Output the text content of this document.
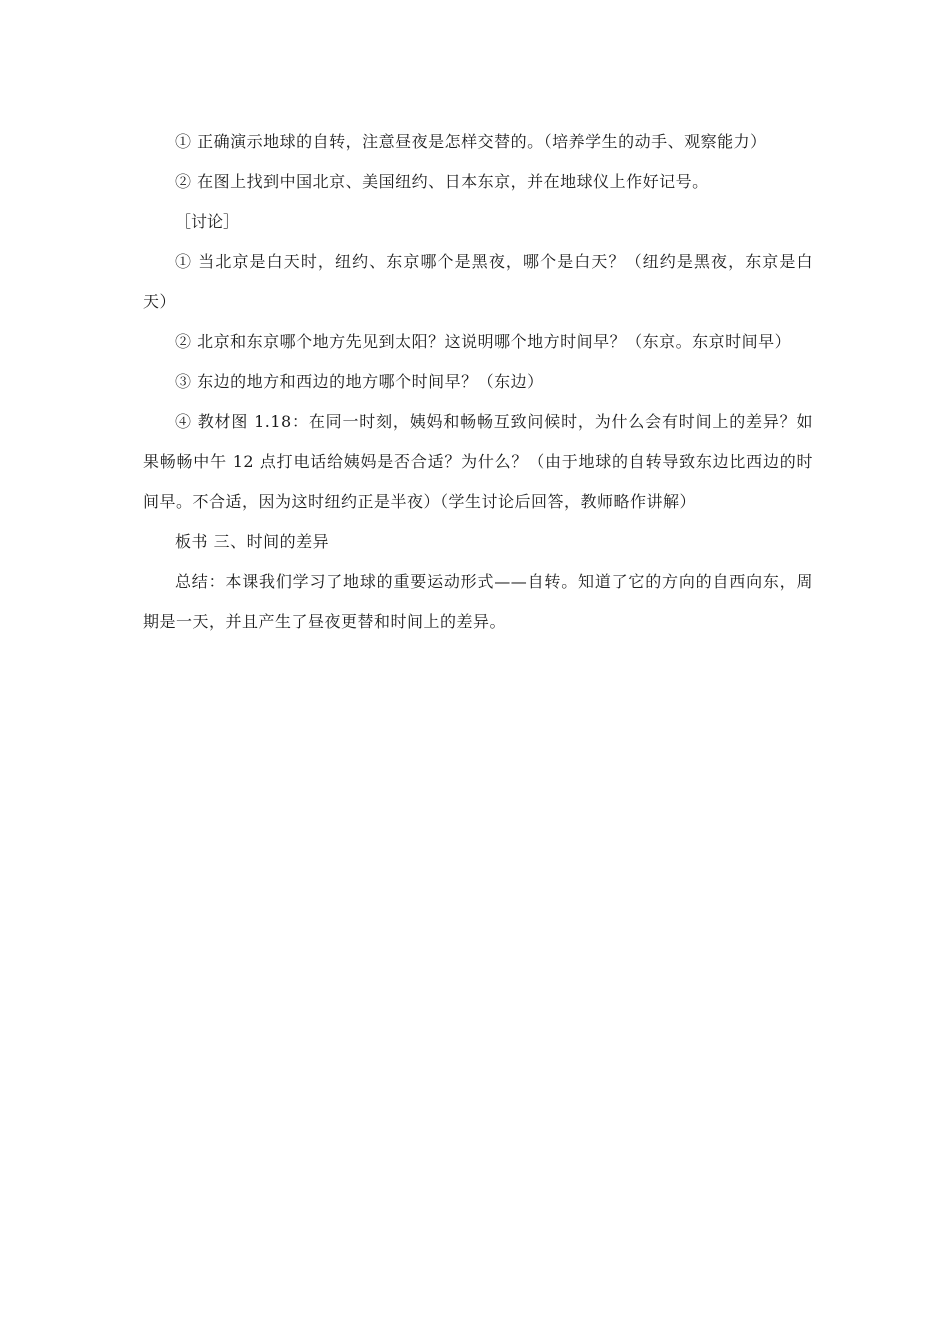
① 正确演示地球的自转，注意昼夜是怎样交替的。（培养学生的动手、观察能力）

② 在图上找到中国北京、美国纽约、日本东京，并在地球仪上作好记号。

［讨论］

① 当北京是白天时，纽约、东京哪个是黑夜，哪个是白天？（纽约是黑夜，东京是白天）

② 北京和东京哪个地方先见到太阳？这说明哪个地方时间早？（东京。东京时间早）

③ 东边的地方和西边的地方哪个时间早？（东边）

④ 教材图 1.18：在同一时刻，姨妈和畅畅互致问候时，为什么会有时间上的差异？如果畅畅中午 12 点打电话给姨妈是否合适？为什么？（由于地球的自转导致东边比西边的时间早。不合适，因为这时纽约正是半夜）（学生讨论后回答，教师略作讲解）

板书 三、时间的差异

总结：本课我们学习了地球的重要运动形式——自转。知道了它的方向的自西向东，周期是一天，并且产生了昼夜更替和时间上的差异。
